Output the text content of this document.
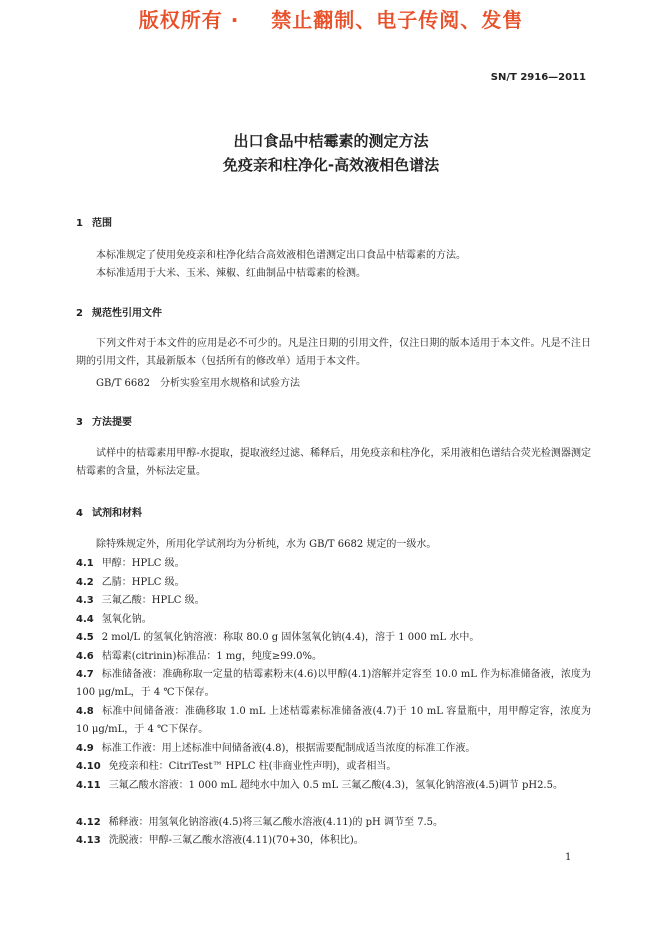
版权所有 ·    禁止翻制、电子传阅、发售
SN/T 2916—2011
出口食品中桔霉素的测定方法
免疫亲和柱净化-高效液相色谱法
1 范围
本标准规定了使用免疫亲和柱净化结合高效液相色谱测定出口食品中桔霉素的方法。
本标准适用于大米、玉米、辣椒、红曲制品中桔霉素的检测。
2 规范性引用文件
下列文件对于本文件的应用是必不可少的。凡是注日期的引用文件，仅注日期的版本适用于本文件。凡是不注日期的引用文件，其最新版本（包括所有的修改单）适用于本文件。
GB/T 6682　分析实验室用水规格和试验方法
3 方法提要
试样中的桔霉素用甲醇-水提取，提取液经过滤、稀释后，用免疫亲和柱净化，采用液相色谱结合荧光检测器测定桔霉素的含量，外标法定量。
4 试剂和材料
除特殊规定外，所用化学试剂均为分析纯，水为 GB/T 6682 规定的一级水。
4.1 甲醇：HPLC 级。
4.2 乙腈：HPLC 级。
4.3 三氟乙酸：HPLC 级。
4.4 氢氧化钠。
4.5 2 mol/L 的氢氧化钠溶液：称取 80.0 g 固体氢氧化钠(4.4)，溶于 1 000 mL 水中。
4.6 桔霉素(citrinin)标准品：1 mg，纯度≥99.0%。
4.7 标准储备液：准确称取一定量的桔霉素粉末(4.6)以甲醇(4.1)溶解并定容至 10.0 mL 作为标准储备液，浓度为 100 μg/mL，于 4 ℃下保存。
4.8 标准中间储备液：准确移取 1.0 mL 上述桔霉素标准储备液(4.7)于 10 mL 容量瓶中，用甲醇定容，浓度为 10 μg/mL，于 4 ℃下保存。
4.9 标准工作液：用上述标准中间储备液(4.8)，根据需要配制成适当浓度的标准工作液。
4.10 免疫亲和柱：CitriTest™ HPLC 柱(非商业性声明)，或者相当。
4.11 三氟乙酸水溶液：1 000 mL 超纯水中加入 0.5 mL 三氟乙酸(4.3)，氢氧化钠溶液(4.5)调节 pH2.5。
4.12 稀释液：用氢氧化钠溶液(4.5)将三氟乙酸水溶液(4.11)的 pH 调节至 7.5。
4.13 洗脱液：甲醇-三氟乙酸水溶液(4.11)(70+30，体积比)。
1
